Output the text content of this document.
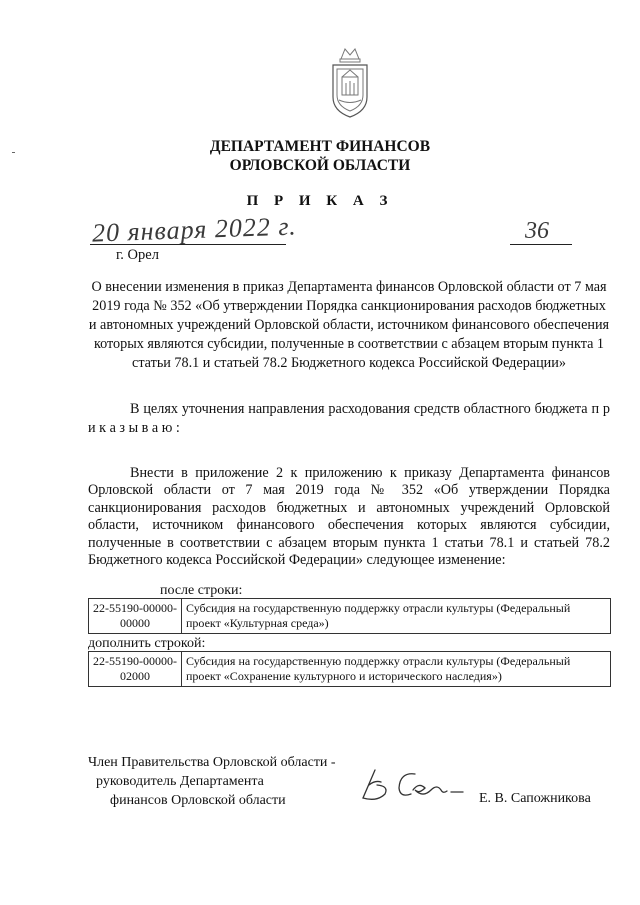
ДЕПАРТАМЕНТ ФИНАНСОВ
ОРЛОВСКОЙ ОБЛАСТИ
П Р И К А З
20 января 2022 г.	36
г. Орел
О внесении изменения в приказ Департамента финансов Орловской области от 7 мая 2019 года № 352 «Об утверждении Порядка санкционирования расходов бюджетных и автономных учреждений Орловской области, источником финансового обеспечения которых являются субсидии, полученные в соответствии с абзацем вторым пункта 1 статьи 78.1 и статьей 78.2 Бюджетного кодекса Российской Федерации»
В целях уточнения направления расходования средств областного бюджета п р и к а з ы в а ю :
Внести в приложение 2 к приложению к приказу Департамента финансов Орловской области от 7 мая 2019 года № 352 «Об утверждении Порядка санкционирования расходов бюджетных и автономных учреждений Орловской области, источником финансового обеспечения которых являются субсидии, полученные в соответствии с абзацем вторым пункта 1 статьи 78.1 и статьей 78.2 Бюджетного кодекса Российской Федерации» следующее изменение:
после строки:
22-55190-00000-00000	Субсидия на государственную поддержку отрасли культуры (Федеральный проект «Культурная среда»)
дополнить строкой:
22-55190-00000-02000	Субсидия на государственную поддержку отрасли культуры (Федеральный проект «Сохранение культурного и исторического наследия»)
Член Правительства Орловской области -
руководитель Департамента
финансов Орловской области	Е. В. Сапожникова
